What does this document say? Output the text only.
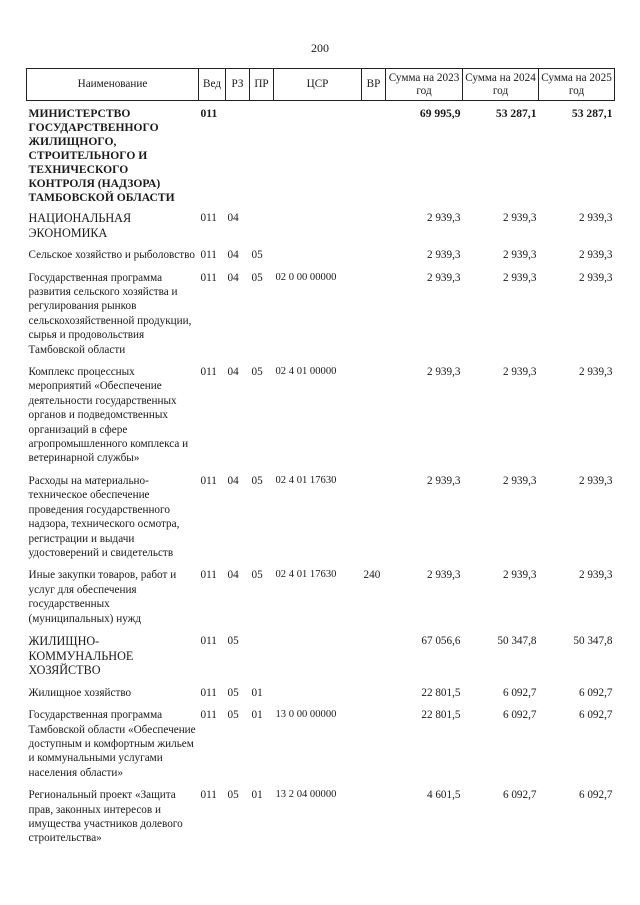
200
Наименование	Вед	РЗ	ПР	ЦСР	ВР	Сумма на 2023 год	Сумма на 2024 год	Сумма на 2025 год
МИНИСТЕРСТВО ГОСУДАРСТВЕННОГО ЖИЛИЩНОГО, СТРОИТЕЛЬНОГО И ТЕХНИЧЕСКОГО КОНТРОЛЯ (НАДЗОРА) ТАМБОВСКОЙ ОБЛАСТИ	011					69 995,9	53 287,1	53 287,1
НАЦИОНАЛЬНАЯ ЭКОНОМИКА	011	04				2 939,3	2 939,3	2 939,3
Сельское хозяйство и рыболовство	011	04	05			2 939,3	2 939,3	2 939,3
Государственная программа развития сельского хозяйства и регулирования рынков сельскохозяйственной продукции, сырья и продовольствия Тамбовской области	011	04	05	02 0 00 00000		2 939,3	2 939,3	2 939,3
Комплекс процессных мероприятий «Обеспечение деятельности государственных органов и подведомственных организаций в сфере агропромышленного комплекса и ветеринарной службы»	011	04	05	02 4 01 00000		2 939,3	2 939,3	2 939,3
Расходы на материально-техническое обеспечение проведения государственного надзора, технического осмотра, регистрации и выдачи удостоверений и свидетельств	011	04	05	02 4 01 17630		2 939,3	2 939,3	2 939,3
Иные закупки товаров, работ и услуг для обеспечения государственных (муниципальных) нужд	011	04	05	02 4 01 17630	240	2 939,3	2 939,3	2 939,3
ЖИЛИЩНО-КОММУНАЛЬНОЕ ХОЗЯЙСТВО	011	05				67 056,6	50 347,8	50 347,8
Жилищное хозяйство	011	05	01			22 801,5	6 092,7	6 092,7
Государственная программа Тамбовской области «Обеспечение доступным и комфортным жильем и коммунальными услугами населения области»	011	05	01	13 0 00 00000		22 801,5	6 092,7	6 092,7
Региональный проект «Защита прав, законных интересов и имущества участников долевого строительства»	011	05	01	13 2 04 00000		4 601,5	6 092,7	6 092,7
